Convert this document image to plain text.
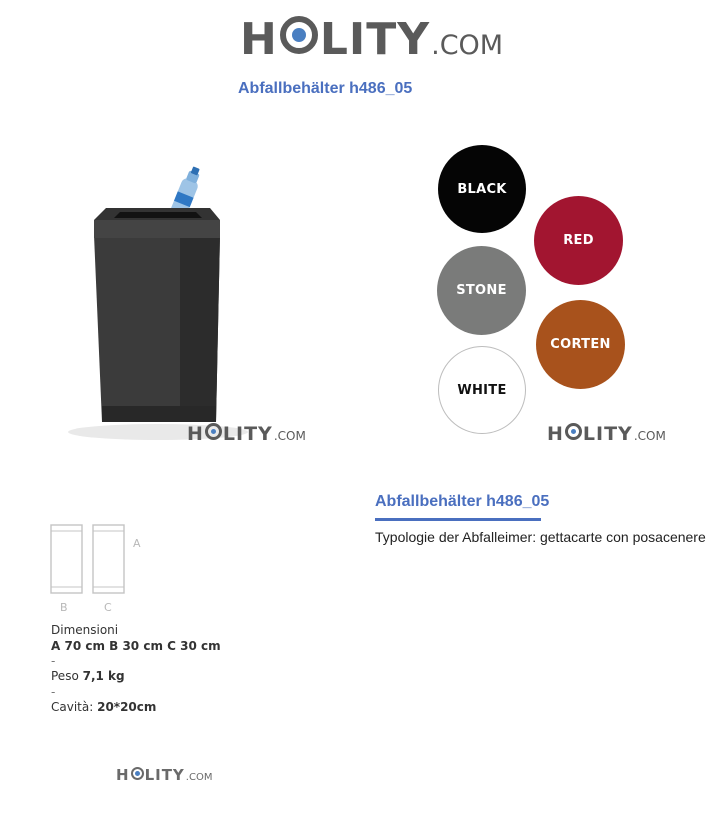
H LITY .COM
Abfallbehälter h486_05
H LITY .COM
BLACK
RED
STONE
CORTEN
WHITE
H LITY .COM
A
B	C
Dimensioni
A 70 cm B 30 cm C 30 cm
-
Peso 7,1 kg
-
Cavità: 20*20cm
H LITY .COM
Abfallbehälter h486_05
Typologie der Abfalleimer: gettacarte con posacenere
